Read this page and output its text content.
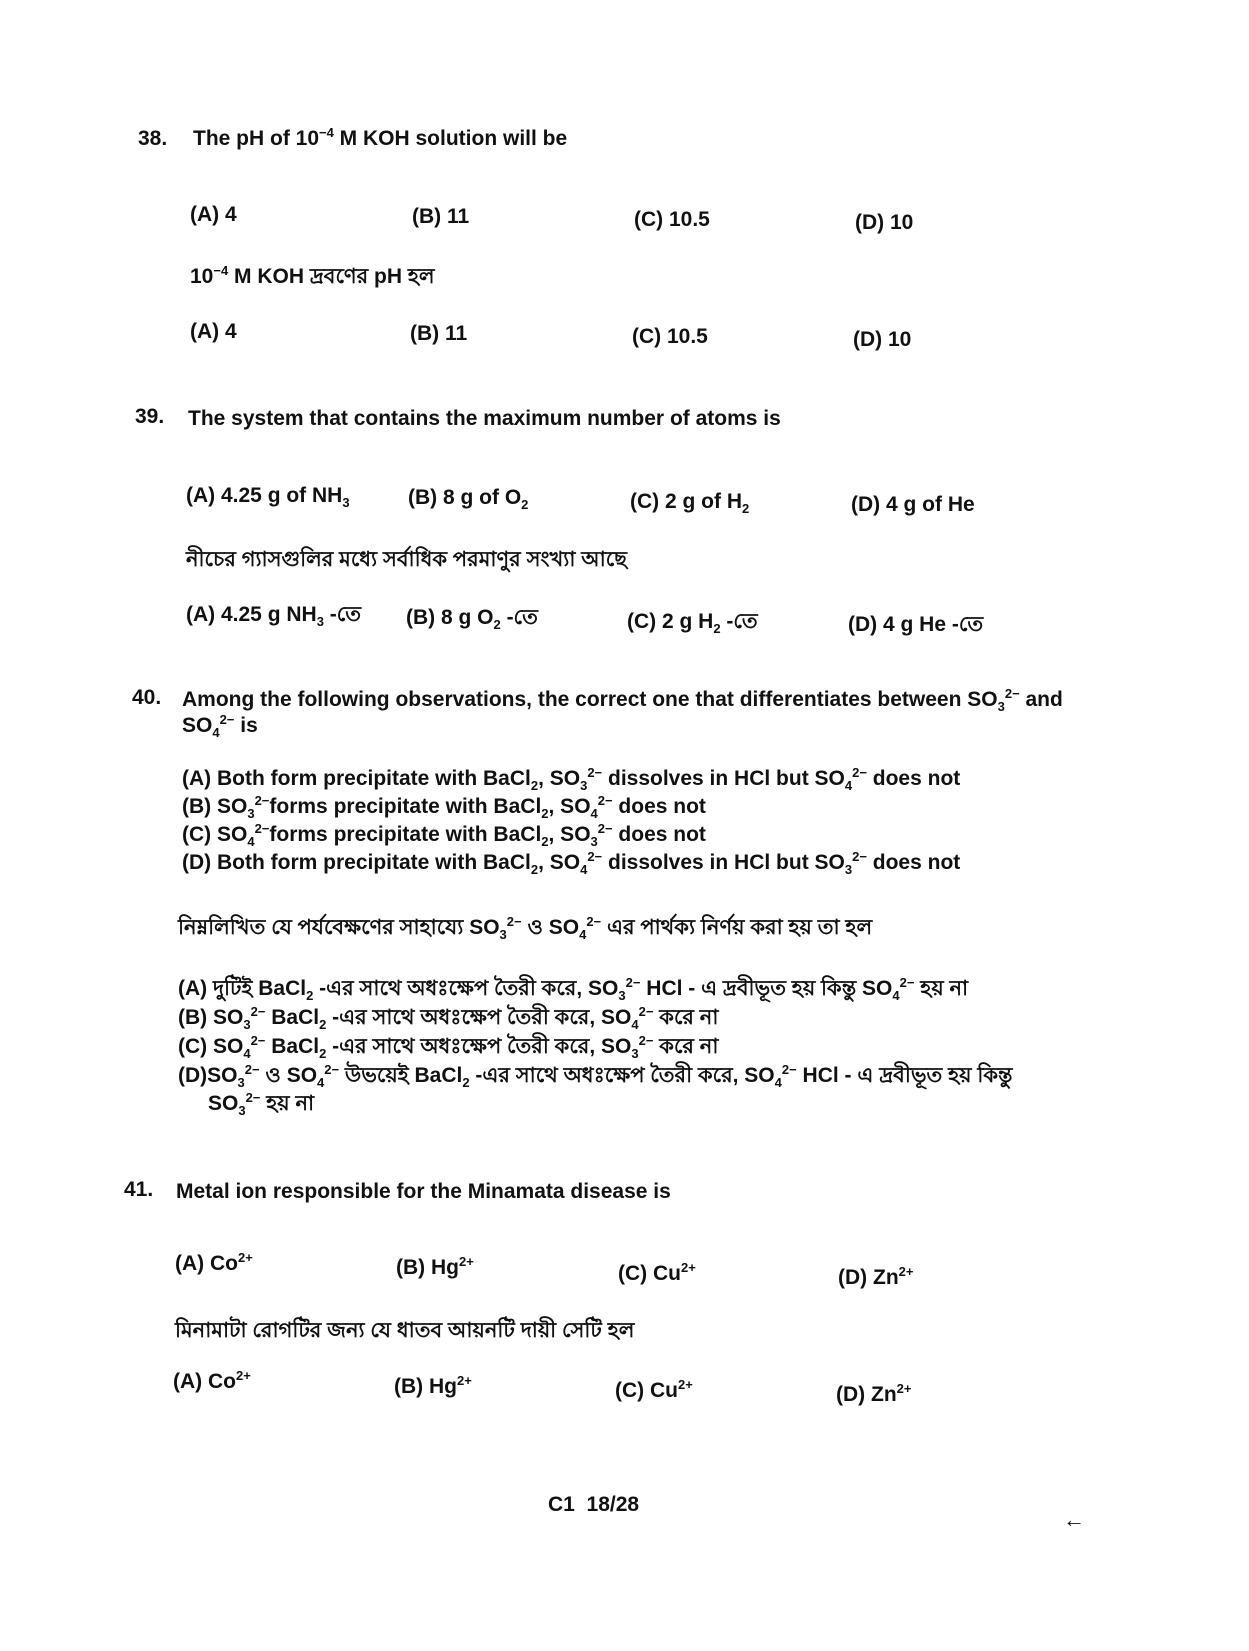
38. The pH of $10^{-4}$ M KOH solution will be
(A) 4	(B) 11	(C) 10.5	(D) 10
$10^{-4}$ M KOH দ্রবণের pH হল
(A) 4	(B) 11	(C) 10.5	(D) 10
39. The system that contains the maximum number of atoms is
(A) 4.25 g of $NH_3$	(B) 8 g of $O_2$	(C) 2 g of $H_2$	(D) 4 g of He
নীচের গ্যাসগুলির মধ্যে সর্বাধিক পরমাণুর সংখ্যা আছে
(A) 4.25 g $NH_3$ -তে (B) 8 g $O_2$ -তে	(C) 2 g $H_2$ -তে	(D) 4 g He -তে
40. Among the following observations, the correct one that differentiates between $SO_3^{2-}$ and
$SO_4^{2-}$ is
(A) Both form precipitate with BaCl$_2$, $SO_3^{2-}$ dissolves in HCl but $SO_4^{2-}$ does not
(B) $SO_3^{2-}forms$ precipitate with BaCl$_2$, $SO_4^{2-}$ does not
(C) $SO_4^{2-}forms$ precipitate with BaCl$_2$, $SO_3^{2-}$ does not
(D) Both form precipitate with BaCl$_2$, $SO_4^{2-}$ dissolves in HCl but $SO_3^{2-}$ does not
নিম্নলিখিত যে পর্যবেক্ষণের সাহায্যে $SO_3^{2-}$ ও $SO_4^{2-}$ এর পার্থক্য নির্ণয় করা হয় তা হল
(A) দুটিই BaCl$_2$ -এর সাথে অধঃক্ষেপ তৈরী করে, $SO_3^{2-}$ HCl - এ দ্রবীভূত হয় কিন্তু $SO_4^{2-}$ হয় না
(B) $SO_3^{2-}$ BaCl$_2$ -এর সাথে অধঃক্ষেপ তৈরী করে, $SO_4^{2-}$ করে না
(C) $SO_4^{2-}$ BaCl$_2$ -এর সাথে অধঃক্ষেপ তৈরী করে, $SO_3^{2-}$ করে না
$(D)SO_3^{2-}$ ও $SO_4^{2-}$ উভয়েই BaCl$_2$ -এর সাথে অধঃক্ষেপ তৈরী করে, $SO_4^{2-}$ HCl - এ দ্রবীভূত হয় কিন্তু
$SO_3^{2-}$ হয় না
41. Metal ion responsible for the Minamata disease is
(A) $Co^{2+}$	(B) $Hg^{2+}$
(C) $Cu^{2+}$	(D) $Zn^{2+}$
মিনামাটা রোগটির জন্য যে ধাতব আয়নটি দায়ী সেটি হল
(A) $Co^{2+}$	(B) $Hg^{2+}$	(C) $Cu^{2+}$	(D) $Zn^{2+}$
C1 18/28
←
